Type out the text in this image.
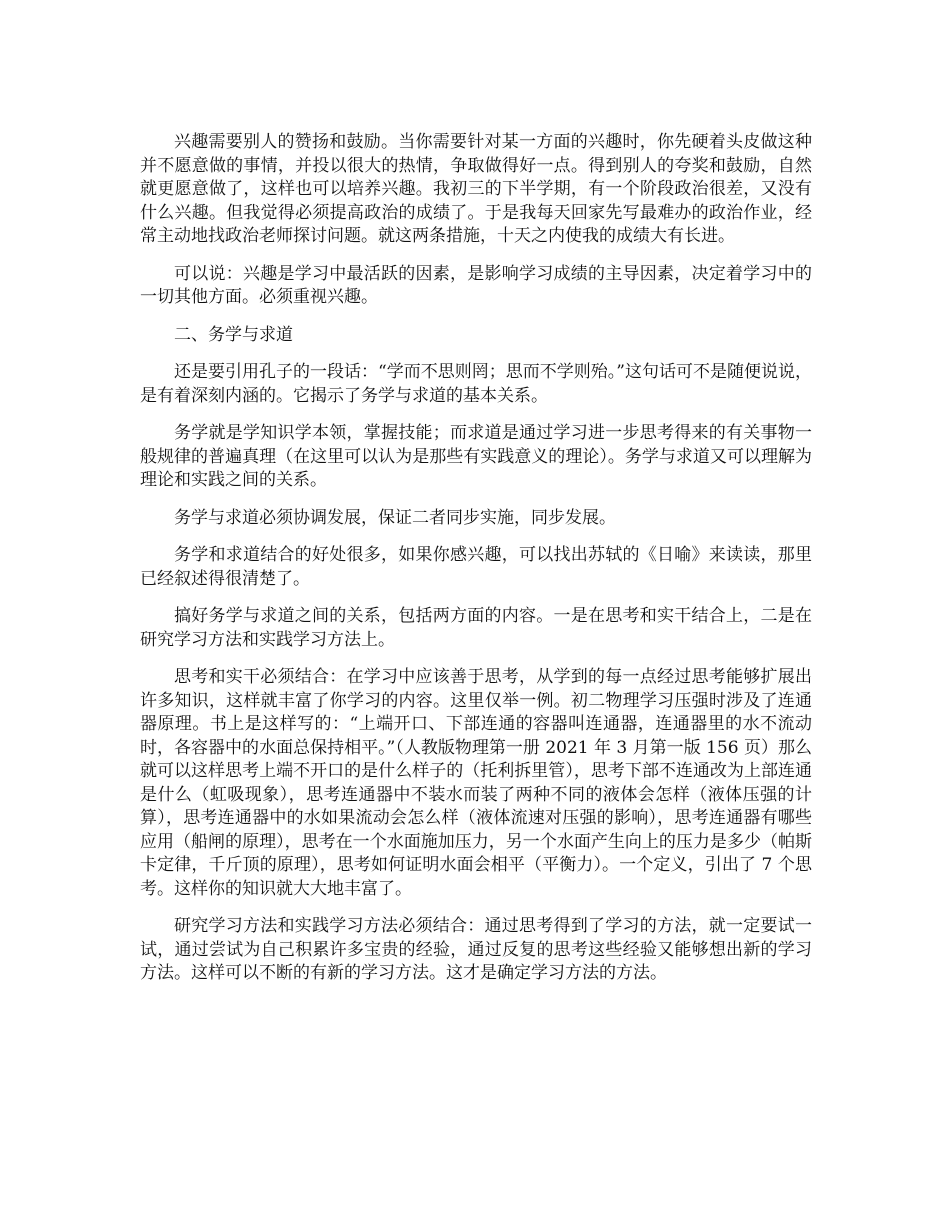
兴趣需要别人的赞扬和鼓励。当你需要针对某一方面的兴趣时，你先硬着头皮做这种并不愿意做的事情，并投以很大的热情，争取做得好一点。得到别人的夸奖和鼓励，自然就更愿意做了，这样也可以培养兴趣。我初三的下半学期，有一个阶段政治很差，又没有什么兴趣。但我觉得必须提高政治的成绩了。于是我每天回家先写最难办的政治作业，经常主动地找政治老师探讨问题。就这两条措施，十天之内使我的成绩大有长进。

可以说：兴趣是学习中最活跃的因素，是影响学习成绩的主导因素，决定着学习中的一切其他方面。必须重视兴趣。

二、务学与求道

还是要引用孔子的一段话：“学而不思则罔；思而不学则殆。”这句话可不是随便说说，是有着深刻内涵的。它揭示了务学与求道的基本关系。

务学就是学知识学本领，掌握技能；而求道是通过学习进一步思考得来的有关事物一般规律的普遍真理（在这里可以认为是那些有实践意义的理论）。务学与求道又可以理解为理论和实践之间的关系。

务学与求道必须协调发展，保证二者同步实施，同步发展。

务学和求道结合的好处很多，如果你感兴趣，可以找出苏轼的《日喻》来读读，那里已经叙述得很清楚了。

搞好务学与求道之间的关系，包括两方面的内容。一是在思考和实干结合上，二是在研究学习方法和实践学习方法上。

思考和实干必须结合：在学习中应该善于思考，从学到的每一点经过思考能够扩展出许多知识，这样就丰富了你学习的内容。这里仅举一例。初二物理学习压强时涉及了连通器原理。书上是这样写的：“上端开口、下部连通的容器叫连通器，连通器里的水不流动时，各容器中的水面总保持相平。”（人教版物理第一册 2021 年 3 月第一版 156 页）那么就可以这样思考上端不开口的是什么样子的（托利拆里管），思考下部不连通改为上部连通是什么（虹吸现象），思考连通器中不装水而装了两种不同的液体会怎样（液体压强的计算），思考连通器中的水如果流动会怎么样（液体流速对压强的影响），思考连通器有哪些应用（船闸的原理），思考在一个水面施加压力，另一个水面产生向上的压力是多少（帕斯卡定律，千斤顶的原理），思考如何证明水面会相平（平衡力）。一个定义，引出了 7 个思考。这样你的知识就大大地丰富了。

研究学习方法和实践学习方法必须结合：通过思考得到了学习的方法，就一定要试一试，通过尝试为自己积累许多宝贵的经验，通过反复的思考这些经验又能够想出新的学习方法。这样可以不断的有新的学习方法。这才是确定学习方法的方法。
